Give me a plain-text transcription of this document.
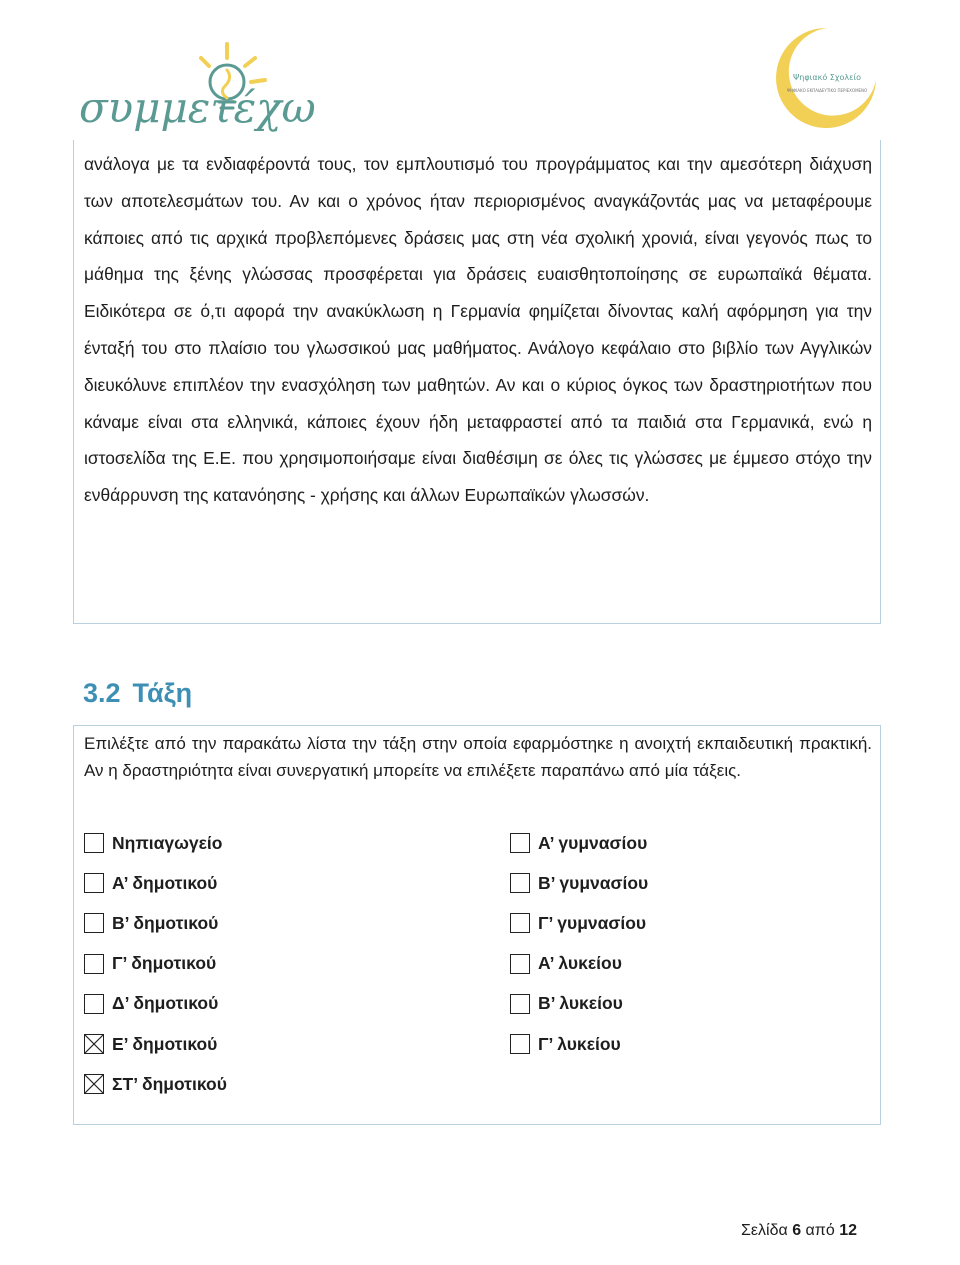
συμμετέχω
Ψηφιακό Σχολείο
ΨΗΦΙΑΚΟ ΕΚΠΑΙΔΕΥΤΙΚΟ ΠΕΡΙΕΧΟΜΕΝΟ
ανάλογα με τα ενδιαφέροντά τους, τον εμπλουτισμό του προγράμματος και την αμεσότερη διάχυση των αποτελεσμάτων του. Αν και ο χρόνος ήταν περιορισμένος αναγκάζοντάς μας να μεταφέρουμε κάποιες από τις αρχικά προβλεπόμενες δράσεις μας στη νέα σχολική χρονιά, είναι γεγονός πως το μάθημα της ξένης γλώσσας προσφέρεται για δράσεις ευαισθητοποίησης σε ευρωπαϊκά θέματα. Ειδικότερα σε ό,τι αφορά την ανακύκλωση η Γερμανία φημίζεται δίνοντας καλή αφόρμηση για την ένταξή του στο πλαίσιο του γλωσσικού μας μαθήματος. Ανάλογο κεφάλαιο στο βιβλίο των Αγγλικών διευκόλυνε επιπλέον την ενασχόληση των μαθητών. Αν και ο κύριος όγκος των δραστηριοτήτων που κάναμε είναι στα ελληνικά, κάποιες έχουν ήδη μεταφραστεί από τα παιδιά στα Γερμανικά, ενώ η ιστοσελίδα της Ε.Ε. που χρησιμοποιήσαμε είναι διαθέσιμη σε όλες τις γλώσσες με έμμεσο στόχο την ενθάρρυνση της κατανόησης - χρήσης και άλλων Ευρωπαϊκών γλωσσών.
3.2 Τάξη
Επιλέξτε από την παρακάτω λίστα την τάξη στην οποία εφαρμόστηκε η ανοιχτή εκπαιδευτική πρακτική. Αν η δραστηριότητα είναι συνεργατική μπορείτε να επιλέξετε παραπάνω από μία τάξεις.
Νηπιαγωγείο
Α’ δημοτικού
Β’ δημοτικού
Γ’ δημοτικού
Δ’ δημοτικού
Ε’ δημοτικού
ΣΤ’ δημοτικού
Α’ γυμνασίου
Β’ γυμνασίου
Γ’ γυμνασίου
Α’ λυκείου
Β’ λυκείου
Γ’ λυκείου
Σελίδα 6 από 12
